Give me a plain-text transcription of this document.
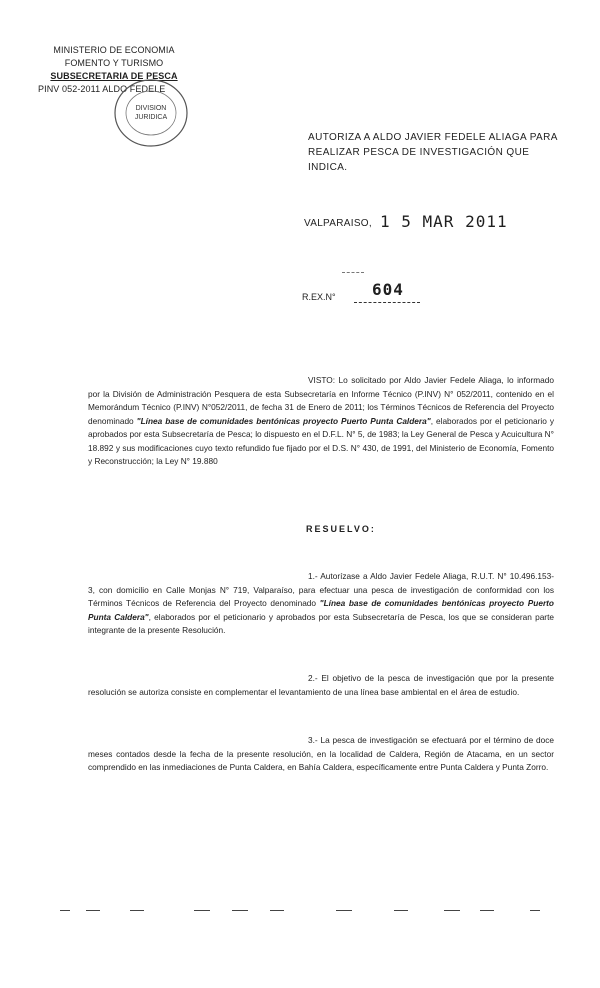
MINISTERIO DE ECONOMIA
FOMENTO Y TURISMO
SUBSECRETARIA DE PESCA
PINV 052-2011 ALDO FEDELE
DIVISION
JURIDICA
AUTORIZA A ALDO JAVIER FEDELE ALIAGA PARA
REALIZAR PESCA DE INVESTIGACIÓN QUE INDICA.
VALPARAISO, 1 5 MAR 2011
R.EX.N° 604
VISTO: Lo solicitado por Aldo Javier Fedele Aliaga, lo informado por la División de Administración Pesquera de esta Subsecretaría en Informe Técnico (P.INV) N° 052/2011, contenido en el Memorándum Técnico (P.INV) N°052/2011, de fecha 31 de Enero de 2011; los Términos Técnicos de Referencia del Proyecto denominado "Línea base de comunidades bentónicas proyecto Puerto Punta Caldera", elaborados por el peticionario y aprobados por esta Subsecretaría de Pesca; lo dispuesto en el D.F.L. N° 5, de 1983; la Ley General de Pesca y Acuicultura N° 18.892 y sus modificaciones cuyo texto refundido fue fijado por el D.S. N° 430, de 1991, del Ministerio de Economía, Fomento y Reconstrucción; la Ley N° 19.880
RESUELVO:
1.- Autorízase a Aldo Javier Fedele Aliaga, R.U.T. N° 10.496.153-3, con domicilio en Calle Monjas N° 719, Valparaíso, para efectuar una pesca de investigación de conformidad con los Términos Técnicos de Referencia del Proyecto denominado "Línea base de comunidades bentónicas proyecto Puerto Punta Caldera", elaborados por el peticionario y aprobados por esta Subsecretaría de Pesca, los que se consideran parte integrante de la presente Resolución.
2.- El objetivo de la pesca de investigación que por la presente resolución se autoriza consiste en complementar el levantamiento de una línea base ambiental en el área de estudio.
3.- La pesca de investigación se efectuará por el término de doce meses contados desde la fecha de la presente resolución, en la localidad de Caldera, Región de Atacama, en un sector comprendido en las inmediaciones de Punta Caldera, en Bahía Caldera, específicamente entre Punta Caldera y Punta Zorro.
